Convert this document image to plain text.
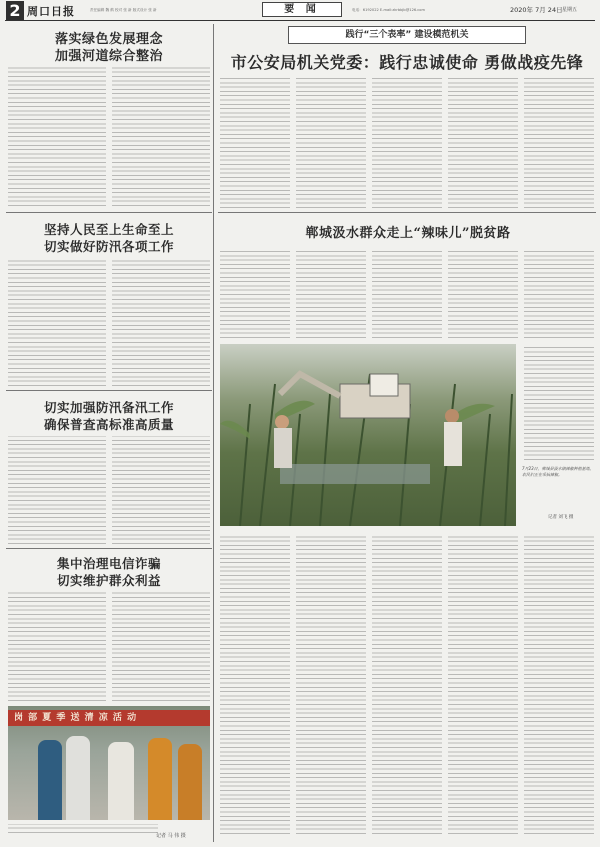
2 周口日报	责任编辑 魏 鹤 校对 张 新 版式设计 张 新	要 闻	电话：6192022 E-mail:zkrbbjb@126.com	2020年 7月 24日 星期五
落实绿色发展理念
加强河道综合整治
坚持人民至上生命至上
切实做好防汛各项工作
切实加强防汛备汛工作
确保普查高标准高质量
集中治理电信诈骗
切实维护群众利益
岗 部 夏 季 送 清 凉 活 动
记者 马 伟 摄
践行“三个表率” 建设模范机关
市公安局机关党委：践行忠诚使命 勇做战疫先锋
郸城汲水群众走上“辣味儿”脱贫路
7月23日，郸城县汲水镇辣椒种植基地，农民们正在采摘辣椒。
记者 刘飞 摄
